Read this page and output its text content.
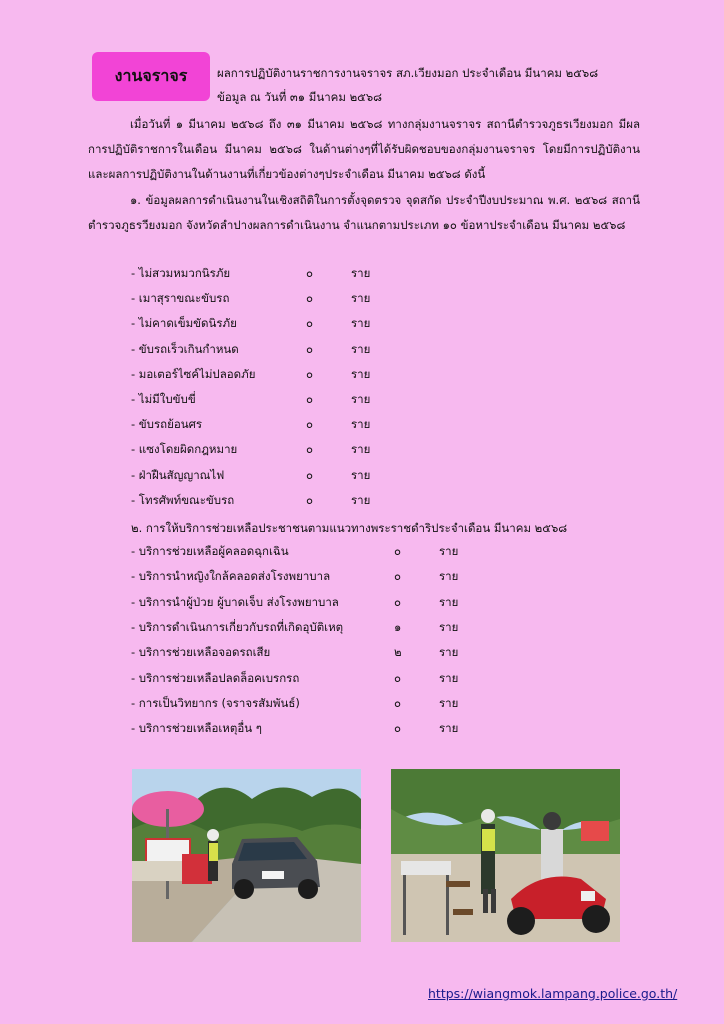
งานจราจร	ผลการปฏิบัติงานราชการงานจราจร สภ.เวียงมอก ประจำเดือน มีนาคม ๒๕๖๘
ข้อมูล ณ วันที่ ๓๑ มีนาคม ๒๕๖๘

เมื่อวันที่ ๑ มีนาคม ๒๕๖๘ ถึง ๓๑ มีนาคม ๒๕๖๘ ทางกลุ่มงานจราจร สถานีตำรวจภูธรเวียงมอก มีผลการปฏิบัติราชการในเดือน มีนาคม ๒๕๖๘ ในด้านต่างๆที่ได้รับผิดชอบของกลุ่มงานจราจร โดยมีการปฏิบัติงานและผลการปฏิบัติงานในด้านงานที่เกี่ยวข้องต่างๆประจำเดือน มีนาคม ๒๕๖๘ ดังนี้

๑. ข้อมูลผลการดำเนินงานในเชิงสถิติในการตั้งจุดตรวจ จุดสกัด ประจำปีงบประมาณ พ.ศ. ๒๕๖๘ สถานีตำรวจภูธรวียงมอก จังหวัดลำปางผลการดำเนินงาน จำแนกตามประเภท ๑๐ ข้อหาประจำเดือน มีนาคม ๒๕๖๘

- ไม่สวมหมวกนิรภัย	๐	ราย
- เมาสุราขณะขับรถ	๐	ราย
- ไม่คาดเข็มขัดนิรภัย	๐	ราย
- ขับรถเร็วเกินกำหนด	๐	ราย
- มอเตอร์ไซค์ไม่ปลอดภัย	๐	ราย
- ไม่มีใบขับขี่	๐	ราย
- ขับรถย้อนศร	๐	ราย
- แซงโดยผิดกฎหมาย	๐	ราย
- ฝ่าฝืนสัญญาณไฟ	๐	ราย
- โทรศัพท์ขณะขับรถ	๐	ราย
๒. การให้บริการช่วยเหลือประชาชนตามแนวทางพระราชดำริประจำเดือน มีนาคม ๒๕๖๘
- บริการช่วยเหลือผู้คลอดฉุกเฉิน	๐	ราย
- บริการนำหญิงใกล้คลอดส่งโรงพยาบาล	๐	ราย
- บริการนำผู้ป่วย ผู้บาดเจ็บ ส่งโรงพยาบาล	๐	ราย
- บริการดำเนินการเกี่ยวกับรถที่เกิดอุบัติเหตุ	๑	ราย
- บริการช่วยเหลือจอดรถเสีย	๒	ราย
- บริการช่วยเหลือปลดล็อคเบรกรถ	๐	ราย
- การเป็นวิทยากร (จราจรสัมพันธ์)	๐	ราย
- บริการช่วยเหลือเหตุอื่น ๆ	๐	ราย
https://wiangmok.lampang.police.go.th/
